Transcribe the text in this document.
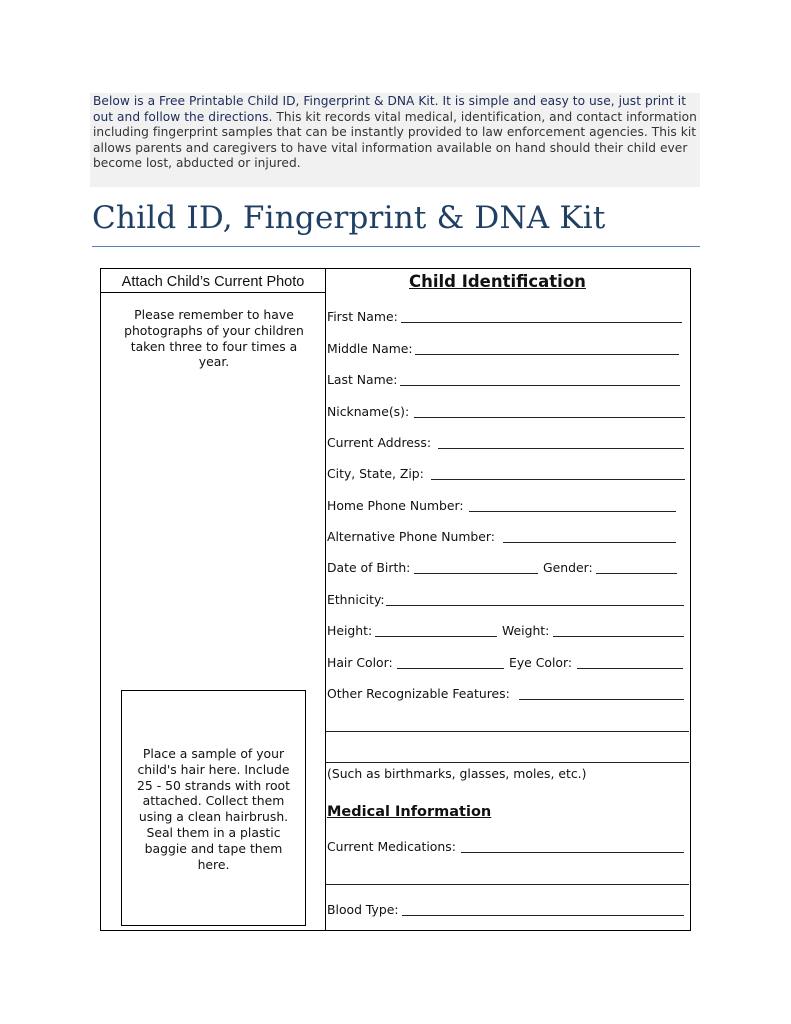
Below is a Free Printable Child ID, Fingerprint & DNA Kit. It is simple and easy to use, just print it out and follow the directions. This kit records vital medical, identification, and contact information including fingerprint samples that can be instantly provided to law enforcement agencies. This kit allows parents and caregivers to have vital information available on hand should their child ever become lost, abducted or injured.

Child ID, Fingerprint & DNA Kit
Attach Child’s Current Photo
Please remember to have photographs of your children taken three to four times a year.

Place a sample of your child's hair here. Include 25 - 50 strands with root attached. Collect them using a clean hairbrush. Seal them in a plastic baggie and tape them here.

Child Identification
First Name:
Middle Name:
Last Name:
Nickname(s):
Current Address:
City, State, Zip:
Home Phone Number:
Alternative Phone Number:
Date of Birth:	Gender:
Ethnicity:
Height:	Weight:
Hair Color:	Eye Color:
Other Recognizable Features:
(Such as birthmarks, glasses, moles, etc.)
Medical Information
Current Medications:
Blood Type:
